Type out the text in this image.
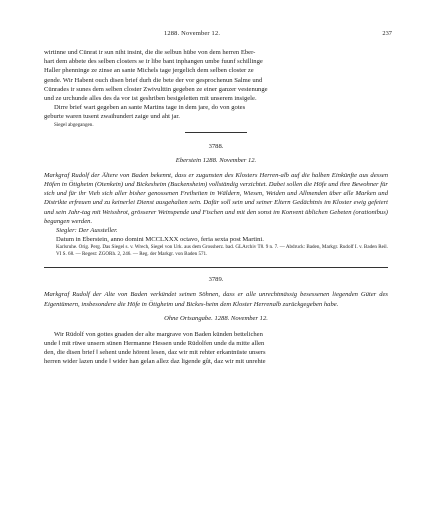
1288. November 12.	237

wirtinne und Cünrat ir sun niht insint, die die selbun hübe von dem herren Eber-

hart dem abbete des selben closters se ir libe bant inphangen umbe fuunf schillinge

Haller phenninge ze zinse an sante Michels tage jergelich dem selben closter ze

gende. Wir Habent ouch disen brief durh die bete der vor gesprochenun Salme und

Cünrades ir sunes dem selben closter Zwivulttin gegeben ze einer ganzer vestenunge

und ze urchunde alles des da vor ist geshriben besigeletten mit unserem insigele.

Dirre brief wart gegeben an sante Martins tage in dem jare, do von gotes

geburte waren tusent zwaihundert zaige und aht jar.

Siegel abgegangen.

3788.
Eberstein 1288. November 12.

Markgraf Rudolf der Ältere von Baden bekennt, dass er zugunsten des Klosters Herren-alb auf die halben Einkünfte aus dessen Höfen in Ötigheim (Otenkein) und Bickesheim (Buckensheim) vollständig verzichtet. Dabei sollen die Höfe und ihre Bewohner für sich und für ihr Vieh sich aller bisher genossenen Freiheiten in Wäldern, Wiesen, Weiden und Allmenden über alle Marken und Distrikte erfreuen und zu keinerlei Dienst ausgehalten sein. Dafür soll sein und seiner Eltern Gedächtnis im Kloster ewig gefeiert und sein Jahr-tag mit Weissbrot, grösserer Weinspende und Fischen und mit den sonst im Konvent üblichen Gebeten (orationibus) begangen werden.

Siegler: Der Aussteller.

Datum in Eberstein, anno domini MCCLXXX octavo, feria sexta post Martini.

Karlsruhe. Orig. Perg. Das Siegel s. v. Wrech, Siegel von Urk. aus dem Grossherz. bad. GLArchiv T8. 9 n. 7. — Abdruck: Baden, Markgr. Rudolf I. v. Baden Reil. VI S. 68. — Regest: ZGORh. 2, 246. — Reg. der Markgr. von Baden 571.

3789.

Markgraf Rudolf der Alte von Baden verkündet seinen Söhnen, dass er alle unrechtmässig besessenen liegenden Güter des Eigentümern, insbesondere die Höfe in Ötigheim und Bickes-heim dem Kloster Herrenalb zurückgegeben habe.

Ohne Ortsangabe. 1288. November 12.

Wir Rüdolf von gottes gnaden der alte margrave von Baden künden bettelichen

unde ‖ mit rüwe unsern sünen Hermanne Hessen unde Rüdolfen unde da mitte allen

den, die disen brief ‖ sehent unde hörent lesen, daz wir mit rehter erkantnüste unsers

herren wider lazen unde ‖ wider han gelan allez daz ligende gût, daz wir mit unrehte
